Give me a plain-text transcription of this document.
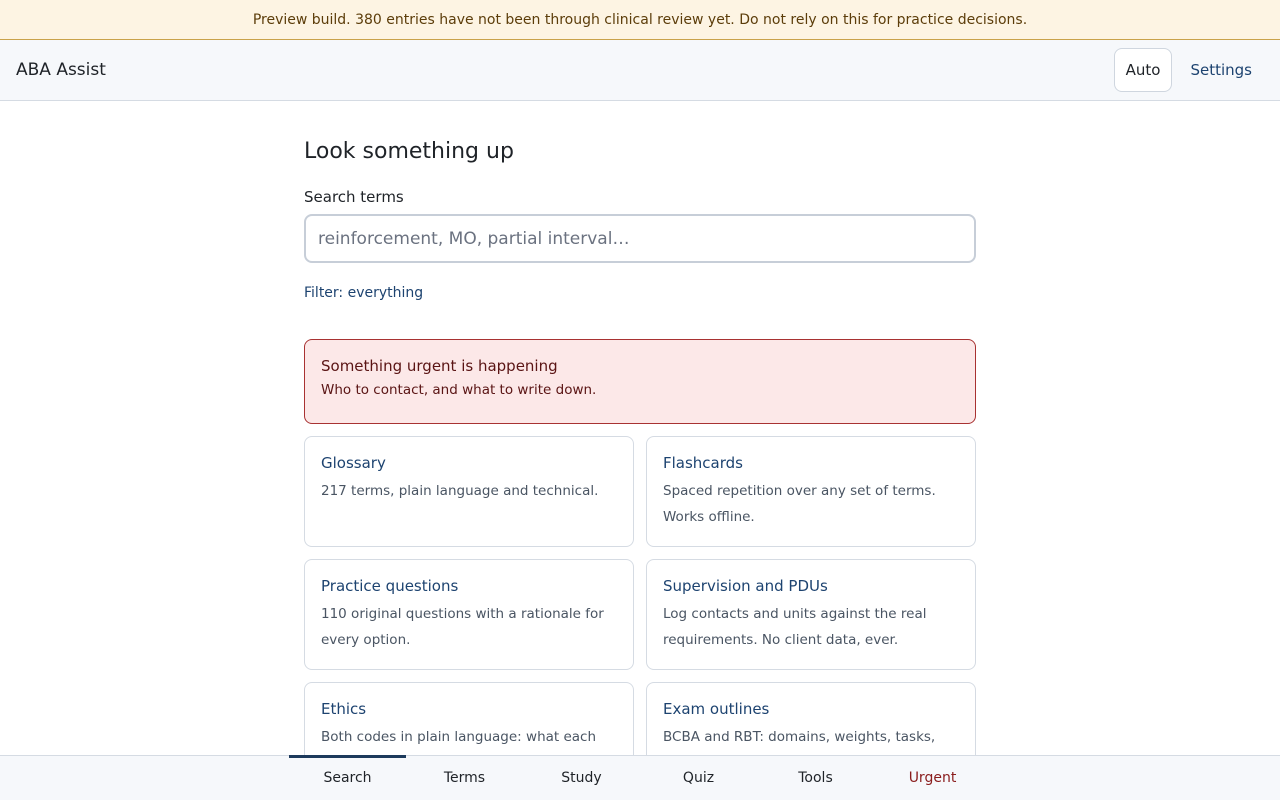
Preview build. 380 entries have not been through clinical review yet. Do not rely on this for practice decisions.
ABA Assist	Auto	Settings
Look something up
Search terms
reinforcement, MO, partial interval… Filter: everything
Something urgent is happening
Who to contact, and what to write down.
Glossary
217 terms, plain language and technical.
Flashcards
Spaced repetition over any set of terms. Works offline.
Practice questions
110 original questions with a rationale for every option.
Supervision and PDUs
Log contacts and units against the real requirements. No client data, ever.
Ethics
Both codes in plain language: what each
Exam outlines
BCBA and RBT: domains, weights, tasks,
Search	Terms	Study	Quiz	Tools	Urgent
